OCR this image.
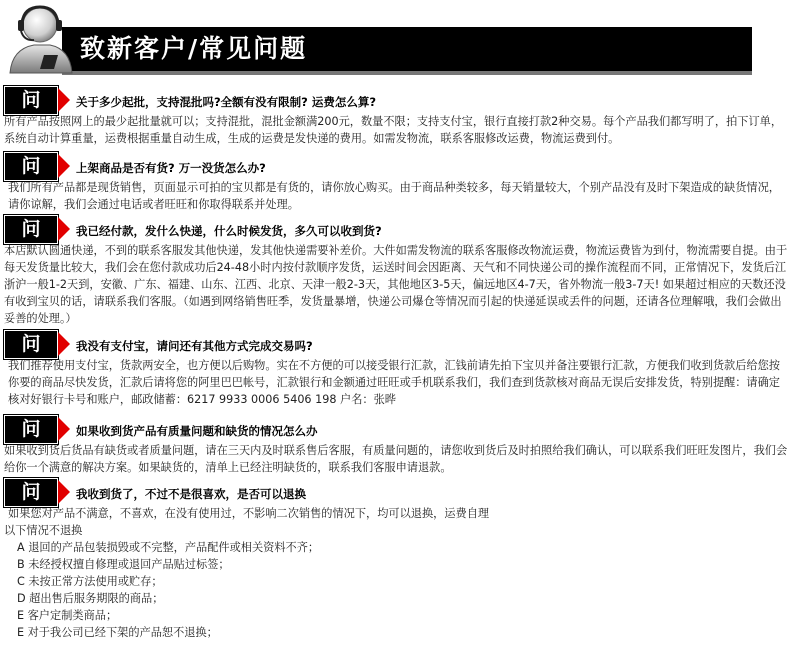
致新客户/常见问题
问	关于多少起批，支持混批吗?全额有没有限制? 运费怎么算?

所有产品按照网上的最少起批量就可以；支持混批，混批金额满200元，数量不限；支持支付宝，银行直接打款2种交易。每个产品我们都写明了，拍下订单，系统自动计算重量，运费根据重量自动生成，生成的运费是发快递的费用。如需发物流，联系客服修改运费，物流运费到付。

问	上架商品是否有货? 万一没货怎么办?

我们所有产品都是现货销售，页面显示可拍的宝贝都是有货的，请你放心购买。由于商品种类较多，每天销量较大，个别产品没有及时下架造成的缺货情况，请你谅解，我们会通过电话或者旺旺和你取得联系并处理。

问	我已经付款，发什么快递，什么时候发货，多久可以收到货?

本店默认圆通快递，不到的联系客服发其他快递，发其他快递需要补差价。大件如需发物流的联系客服修改物流运费，物流运费皆为到付，物流需要自提。由于每天发货量比较大，我们会在您付款成功后24-48小时内按付款顺序发货，运送时间会因距离、天气和不同快递公司的操作流程而不同，正常情况下，发货后江浙沪一般1-2天到，安徽、广东、福建、山东、江西、北京、天津一般2-3天，其他地区3-5天，偏远地区4-7天，省外物流一般3-7天! 如果超过相应的天数还没有收到宝贝的话，请联系我们客服。（如遇到网络销售旺季，发货量暴增，快递公司爆仓等情况而引起的快递延误或丢件的问题，还请各位理解哦，我们会做出妥善的处理。）

问	我没有支付宝，请问还有其他方式完成交易吗?

我们推荐使用支付宝，货款两安全，也方便以后购物。实在不方便的可以接受银行汇款，汇钱前请先拍下宝贝并备注要银行汇款，方便我们收到货款后给您按你要的商品尽快发货，汇款后请将您的阿里巴巴帐号，汇款银行和金额通过旺旺或手机联系我们，我们查到货款核对商品无误后安排发货，特别提醒：请确定核对好银行卡号和账户，邮政储蓄：6217 9933 0006 5406 198 户名：张晔

问	如果收到货产品有质量问题和缺货的情况怎么办

如果收到货后货品有缺货或者质量问题，请在三天内及时联系售后客服，有质量问题的，请您收到货后及时拍照给我们确认，可以联系我们旺旺发图片，我们会给你一个满意的解决方案。如果缺货的，清单上已经注明缺货的，联系我们客服申请退款。

问	我收到货了，不过不是很喜欢，是否可以退换

如果您对产品不满意，不喜欢，在没有使用过，不影响二次销售的情况下，均可以退换，运费自理

以下情况不退换

A 退回的产品包装损毁或不完整，产品配件或相关资料不齐；

B 未经授权擅自修理或退回产品贴过标签；

C 未按正常方法使用或贮存；

D 超出售后服务期限的商品；

E 客户定制类商品；

E 对于我公司已经下架的产品恕不退换；
